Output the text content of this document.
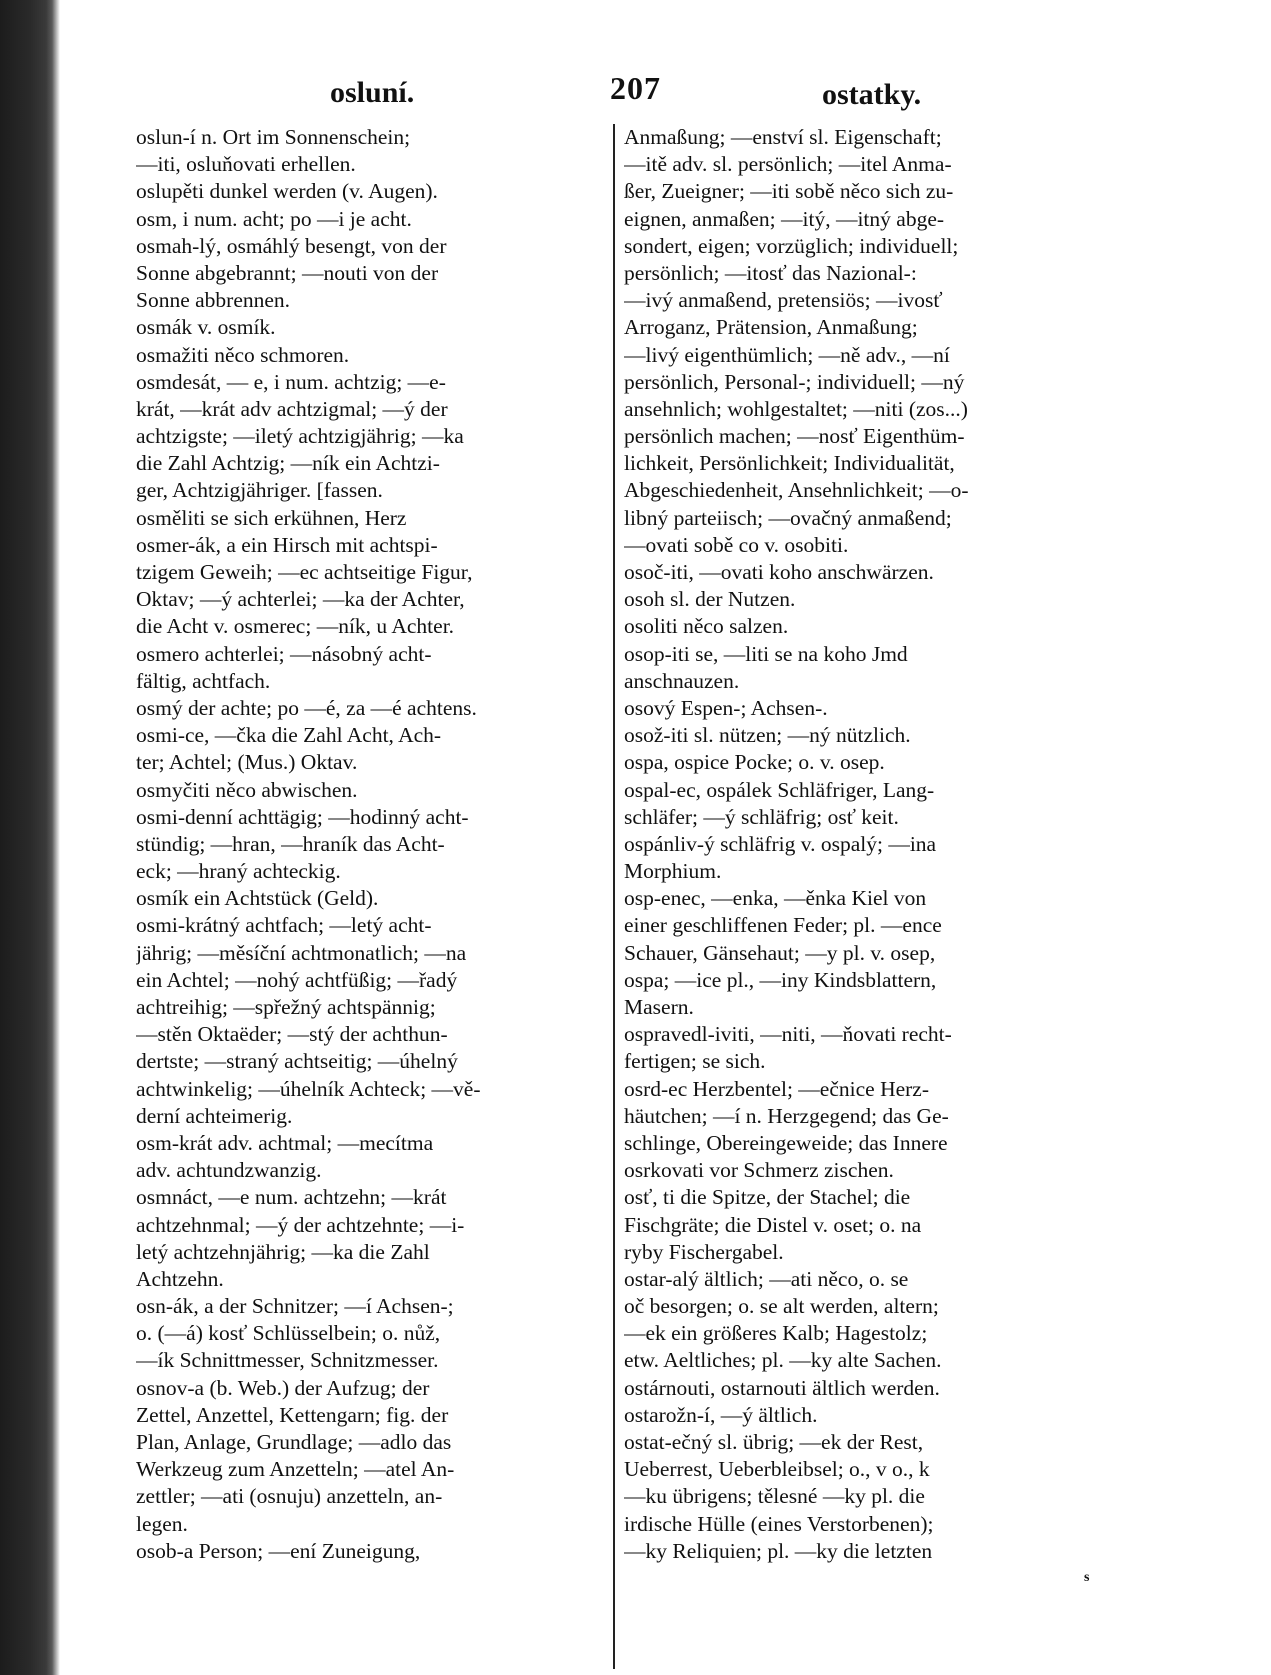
osluní.	207	ostatky.
oslun-í n. Ort im Sonnenschein;
—iti, osluňovati erhellen.
oslupěti dunkel werden (v. Augen).
osm, i num. acht; po —i je acht.
osmah-lý, osmáhlý besengt, von der
Sonne abgebrannt; —nouti von der
Sonne abbrennen.
osmák v. osmík.
osmažiti něco schmoren.
osmdesát, — e, i num. achtzig; —e-
krát, —krát adv achtzigmal; —ý der
achtzigste; —iletý achtzigjährig; —ka
die Zahl Achtzig; —ník ein Achtzi-
ger, Achtzigjähriger. [fassen.
osměliti se sich erkühnen, Herz
osmer-ák, a ein Hirsch mit achtspi-
tzigem Geweih; —ec achtseitige Figur,
Oktav; —ý achterlei; —ka der Achter,
die Acht v. osmerec; —ník, u Achter.
osmero achterlei; —násobný acht-
fältig, achtfach.
osmý der achte; po —é, za —é achtens.
osmi-ce, —čka die Zahl Acht, Ach-
ter; Achtel; (Mus.) Oktav.
osmyčiti něco abwischen.
osmi-denní achttägig; —hodinný acht-
stündig; —hran, —hraník das Acht-
eck; —hraný achteckig.
osmík ein Achtstück (Geld).
osmi-krátný achtfach; —letý acht-
jährig; —měsíční achtmonatlich; —na
ein Achtel; —nohý achtfüßig; —řadý
achtreihig; —spřežný achtspännig;
—stěn Oktaëder; —stý der achthun-
dertste; —straný achtseitig; —úhelný
achtwinkelig; —úhelník Achteck; —vě-
derní achteimerig.
osm-krát adv. achtmal; —mecítma
adv. achtundzwanzig.
osmnáct, —e num. achtzehn; —krát
achtzehnmal; —ý der achtzehnte; —i-
letý achtzehnjährig; —ka die Zahl
Achtzehn.
osn-ák, a der Schnitzer; —í Achsen-;
o. (—á) kosť Schlüsselbein; o. nůž,
—ík Schnittmesser, Schnitzmesser.
osnov-a (b. Web.) der Aufzug; der
Zettel, Anzettel, Kettengarn; fig. der
Plan, Anlage, Grundlage; —adlo das
Werkzeug zum Anzetteln; —atel An-
zettler; —ati (osnuju) anzetteln, an-
legen.
osob-a Person; —ení Zuneigung,
Anmaßung; —enství sl. Eigenschaft;
—itě adv. sl. persönlich; —itel Anma-
ßer, Zueigner; —iti sobě něco sich zu-
eignen, anmaßen; —itý, —itný abge-
sondert, eigen; vorzüglich; individuell;
persönlich; —itosť das Nazional-:
—ivý anmaßend, pretensiös; —ivosť
Arroganz, Prätension, Anmaßung;
—livý eigenthümlich; —ně adv., —ní
persönlich, Personal-; individuell; —ný
ansehnlich; wohlgestaltet; —niti (zos...)
persönlich machen; —nosť Eigenthüm-
lichkeit, Persönlichkeit; Individualität,
Abgeschiedenheit, Ansehnlichkeit; —o-
libný parteiisch; —ovačný anmaßend;
—ovati sobě co v. osobiti.
osoč-iti, —ovati koho anschwärzen.
osoh sl. der Nutzen.
osoliti něco salzen.
osop-iti se, —liti se na koho Jmd
anschnauzen.
osový Espen-; Achsen-.
osož-iti sl. nützen; —ný nützlich.
ospa, ospice Pocke; o. v. osep.
ospal-ec, ospálek Schläfriger, Lang-
schläfer; —ý schläfrig; osť keit.
ospánliv-ý schläfrig v. ospalý; —ina
Morphium.
osp-enec, —enka, —ěnka Kiel von
einer geschliffenen Feder; pl. —ence
Schauer, Gänsehaut; —y pl. v. osep,
ospa; —ice pl., —iny Kindsblattern,
Masern.
ospravedl-iviti, —niti, —ňovati recht-
fertigen; se sich.
osrd-ec Herzbentel; —ečnice Herz-
häutchen; —í n. Herzgegend; das Ge-
schlinge, Obereingeweide; das Innere
osrkovati vor Schmerz zischen.
osť, ti die Spitze, der Stachel; die
Fischgräte; die Distel v. oset; o. na
ryby Fischergabel.
ostar-alý ältlich; —ati něco, o. se
oč besorgen; o. se alt werden, altern;
—ek ein größeres Kalb; Hagestolz;
etw. Aeltliches; pl. —ky alte Sachen.
ostárnouti, ostarnouti ältlich werden.
ostarožn-í, —ý ältlich.
ostat-ečný sl. übrig; —ek der Rest,
Ueberrest, Ueberbleibsel; o., v o., k
—ku übrigens; tělesné —ky pl. die
irdische Hülle (eines Verstorbenen);
—ky Reliquien; pl. —ky die letzten
s
